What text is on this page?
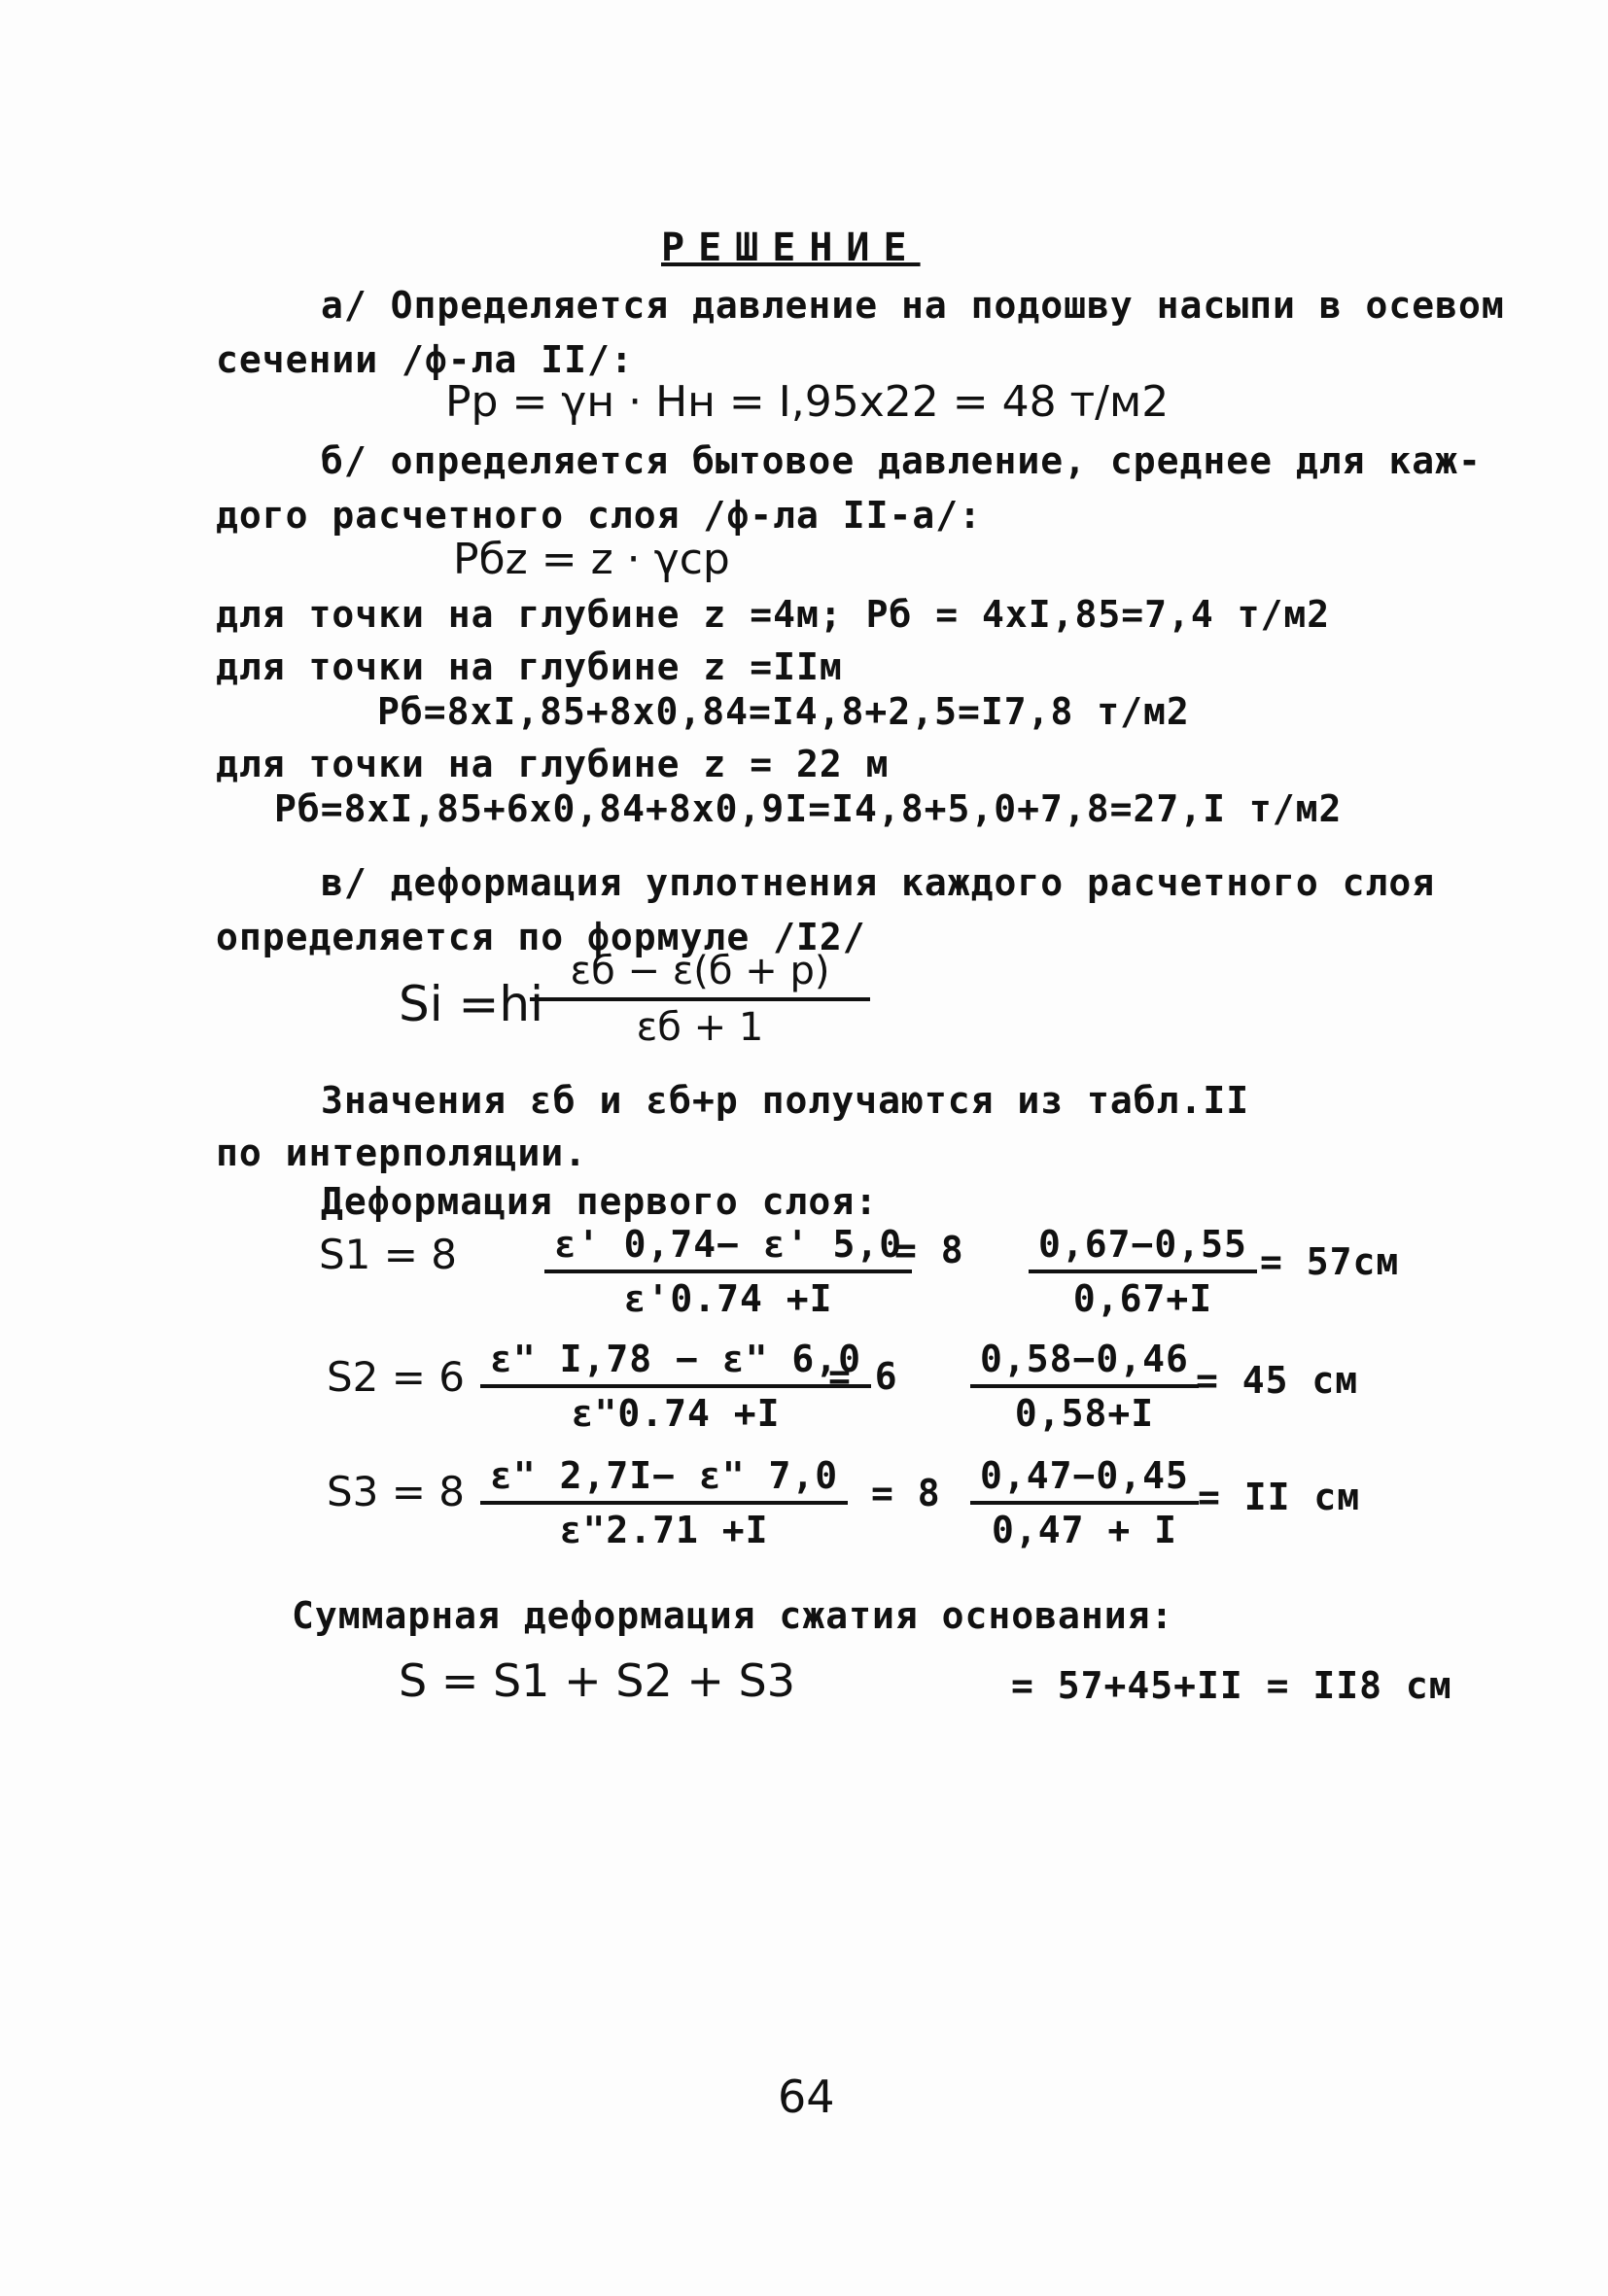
РЕШЕНИЕ
а/ Определяется давление на подошву насыпи в осевом
сечении /ф-ла II/:
Рр = γн · Нн = I,95x22 = 48 т/м2
б/ определяется бытовое давление, среднее для каж-
дого расчетного слоя /ф-ла II-а/:
Рбz = z · γср
для точки на глубине z =4м; Рб = 4xI,85=7,4 т/м2
для точки на глубине z =IIм
Рб=8xI,85+8x0,84=I4,8+2,5=I7,8 т/м2
для точки на глубине z = 22 м
Рб=8xI,85+6x0,84+8x0,9I=I4,8+5,0+7,8=27,I т/м2
в/ деформация уплотнения каждого расчетного слоя
определяется по формуле /I2/
Si =hi
εб − ε(б + р)
εб + 1
Значения εб и εб+р получаются из табл.II
по интерполяции.
Деформация первого слоя:
$S1 = 8 \frac{\varepsilon' 0,74- \varepsilon' 5,0}{\varepsilon'0.74 +I}$
= $8 \frac{0,67-0,55}{0,67+I} = 57см$
$S2 = 6 \frac{\varepsilon" I,78 - \varepsilon" 6,0}{\varepsilon"0.74 +I}$
= $6 \frac{0,58-0,46}{0,58+I}$
= 45 см
$S3 = 8 \frac{\varepsilon" 2,7I- \varepsilon" 7,0}{\varepsilon"2.71 +I} = 8 \frac{0,47-0,45}{0,47 + I}$ = II см
Суммарная деформация сжатия основания:
S = S1 + S2 + S3	= 57+45+II = II8 см
64
